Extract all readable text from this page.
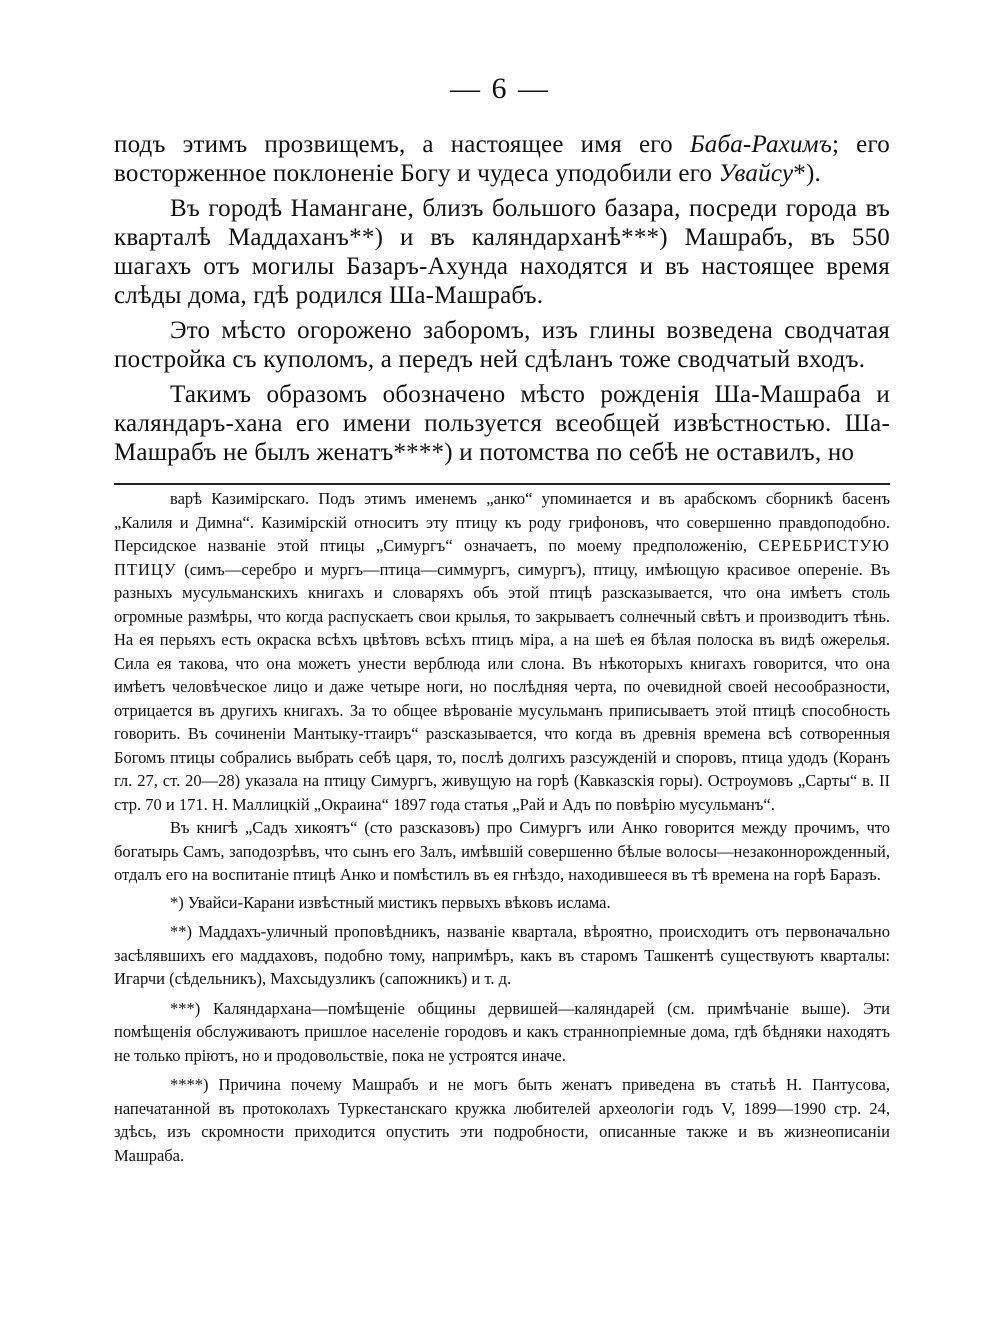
— 6 —

подъ этимъ прозвищемъ, а настоящее имя его Баба-Рахимъ; его восторженное поклоненіе Богу и чудеса уподобили его Увайсу*).

Въ городѣ Намангане, близъ большого базара, посреди города въ кварталѣ Маддаханъ**) и въ каляндарханѣ***) Машрабъ, въ 550 шагахъ отъ могилы Базаръ-Ахунда находятся и въ настоящее время слѣды дома, гдѣ родился Ша-Машрабъ.

Это мѣсто огорожено заборомъ, изъ глины возведена сводчатая постройка съ куполомъ, а передъ ней сдѣланъ тоже сводчатый входъ.

Такимъ образомъ обозначено мѣсто рожденія Ша-Машраба и каляндаръ-хана его имени пользуется всеобщей извѣстностью. Ша-Машрабъ не былъ женатъ****) и потомства по себѣ не оставилъ, но

варѣ Казимірскаго. Подъ этимъ именемъ „анко“ упоминается и въ арабскомъ сборникѣ басенъ „Калиля и Димна“. Казимірскій относитъ эту птицу къ роду грифоновъ, что совершенно правдоподобно. Персидское названіе этой птицы „Симургъ“ означаетъ, по моему предположенію, СЕРЕБРИСТУЮ ПТИЦУ (симъ—серебро и мургъ—птица—симмургъ, симургъ), птицу, имѣющую красивое опереніе. Въ разныхъ мусульманскихъ книгахъ и словаряхъ объ этой птицѣ разсказывается, что она имѣетъ столь огромные размѣры, что когда распускаетъ свои крылья, то закрываетъ солнечный свѣтъ и производитъ тѣнь. На ея перьяхъ есть окраска всѣхъ цвѣтовъ всѣхъ птицъ міра, а на шеѣ ея бѣлая полоска въ видѣ ожерелья. Сила ея такова, что она можетъ унести верблюда или слона. Въ нѣкоторыхъ книгахъ говорится, что она имѣетъ человѣческое лицо и даже четыре ноги, но послѣдняя черта, по очевидной своей несообразности, отрицается въ другихъ книгахъ. За то общее вѣрованіе мусульманъ приписываетъ этой птицѣ способность говорить. Въ сочиненіи Мантыку-ттаиръ“ разсказывается, что когда въ древнія времена всѣ сотворенныя Богомъ птицы собрались выбрать себѣ царя, то, послѣ долгихъ разсужденій и споровъ, птица удодъ (Коранъ гл. 27, ст. 20—28) указала на птицу Симургъ, живущую на горѣ (Кавказскія горы). Остроумовъ „Сарты“ в. II стр. 70 и 171. Н. Маллицкій „Окраина“ 1897 года статья „Рай и Адъ по повѣрію мусульманъ“.

Въ книгѣ „Садъ хикоятъ“ (сто разсказовъ) про Симургъ или Анко говорится между прочимъ, что богатырь Самъ, заподозрѣвъ, что сынъ его Залъ, имѣвшій совершенно бѣлые волосы—незаконнорожденный, отдалъ его на воспитаніе птицѣ Анко и помѣстилъ въ ея гнѣздо, находившееся въ тѣ времена на горѣ Баразъ.

*) Увайси-Карани извѣстный мистикъ первыхъ вѣковъ ислама.

**) Маддахъ-уличный проповѣдникъ, названіе квартала, вѣроятно, происходитъ отъ первоначально засѣлявшихъ его маддаховъ, подобно тому, напримѣръ, какъ въ старомъ Ташкентѣ существуютъ кварталы: Игарчи (сѣдельникъ), Махсыдузликъ (сапожникъ) и т. д.

***) Каляндархана—помѣщеніе общины дервишей—каляндарей (см. примѣчаніе выше). Эти помѣщенія обслуживаютъ пришлое населеніе городовъ и какъ страннопріемные дома, гдѣ бѣдняки находятъ не только пріютъ, но и продовольствіе, пока не устроятся иначе.

****) Причина почему Машрабъ и не могъ быть женатъ приведена въ статьѣ Н. Пантусова, напечатанной въ протоколахъ Туркестанскаго кружка любителей археологіи годъ V, 1899—1990 стр. 24, здѣсь, изъ скромности приходится опустить эти подробности, описанные также и въ жизнеописаніи Машраба.
